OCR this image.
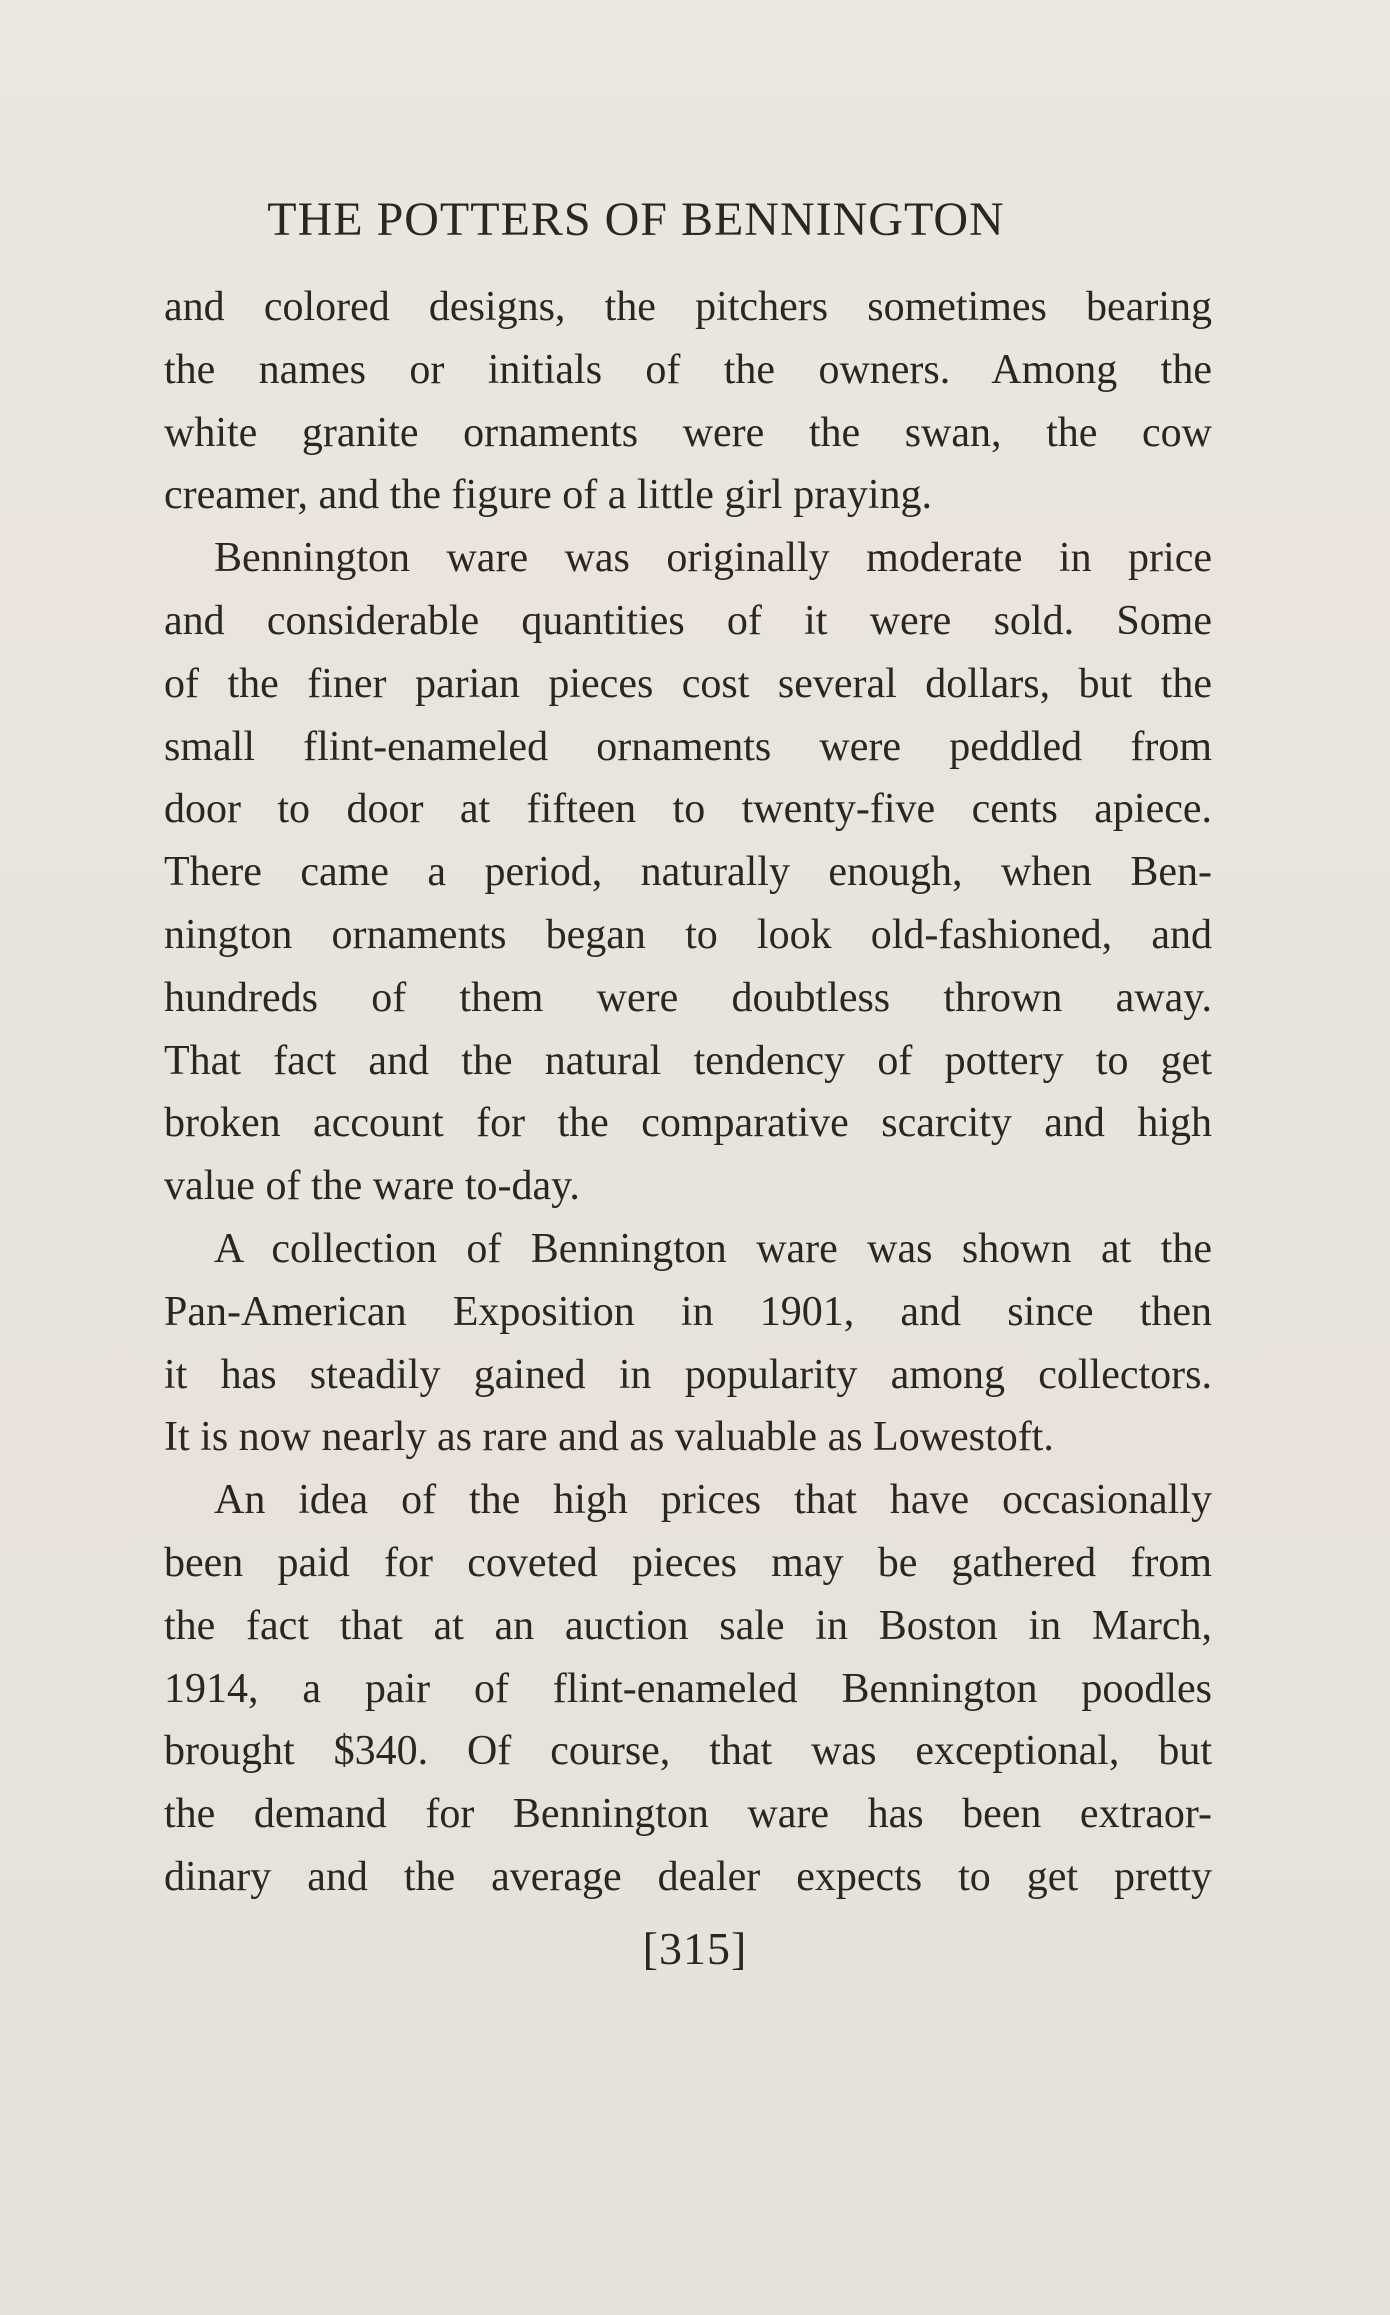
THE POTTERS OF BENNINGTON
and colored designs, the pitchers sometimes bearing
the names or initials of the owners. Among the
white granite ornaments were the swan, the cow
creamer, and the figure of a little girl praying.
Bennington ware was originally moderate in price
and considerable quantities of it were sold. Some
of the finer parian pieces cost several dollars, but the
small flint-enameled ornaments were peddled from
door to door at fifteen to twenty-five cents apiece.
There came a period, naturally enough, when Ben-
nington ornaments began to look old-fashioned, and
hundreds of them were doubtless thrown away.
That fact and the natural tendency of pottery to get
broken account for the comparative scarcity and high
value of the ware to-day.
A collection of Bennington ware was shown at the
Pan-American Exposition in 1901, and since then
it has steadily gained in popularity among collectors.
It is now nearly as rare and as valuable as Lowestoft.
An idea of the high prices that have occasionally
been paid for coveted pieces may be gathered from
the fact that at an auction sale in Boston in March,
1914, a pair of flint-enameled Bennington poodles
brought $340. Of course, that was exceptional, but
the demand for Bennington ware has been extraor-
dinary and the average dealer expects to get pretty
[315]
